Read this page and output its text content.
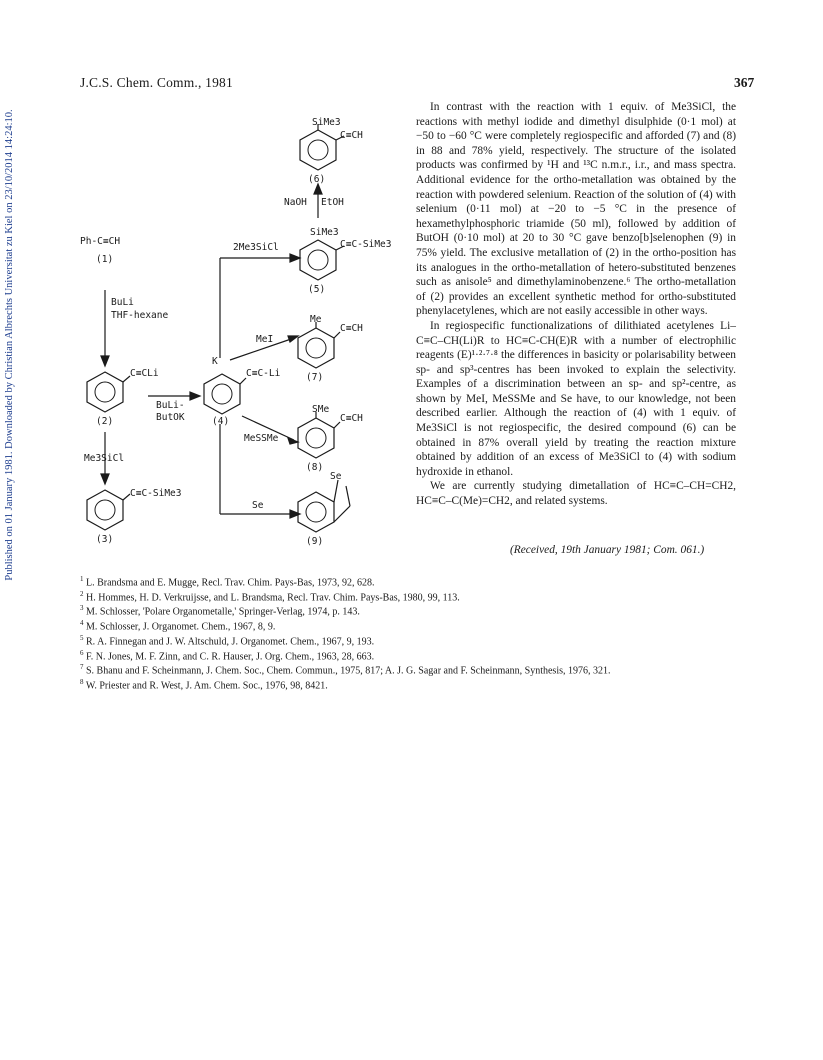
Published on 01 January 1981. Downloaded by Christian Albrechts Universitat zu Kiel on 23/10/2014 14:24:10.
J.C.S. Chem. Comm., 1981	367
SiMe3
C≡CH
(6)
NaOH EtOH
SiMe3
C≡C-SiMe3
(5)
2Me3SiCl
Ph-C≡CH
(1)
BuLi
THF-hexane	Me
C≡CH
(7)
MeI
C≡CLi
(2)
K
C≡C-Li
(4)
BuLi-
ButOK
SMe
C≡CH
(8)
MeSSMe
Me3SiCl
C≡C-SiMe3
(3)
Se
Se
(9)

In contrast with the reaction with 1 equiv. of Me3SiCl, the reactions with methyl iodide and dimethyl disulphide (0·1 mol) at −50 to −60 °C were completely regiospecific and afforded (7) and (8) in 88 and 78% yield, respectively. The structure of the isolated products was confirmed by ¹H and ¹³C n.m.r., i.r., and mass spectra. Additional evidence for the ortho-metallation was obtained by the reaction with powdered selenium. Reaction of the solution of (4) with selenium (0·11 mol) at −20 to −5 °C in the presence of hexamethylphosphoric triamide (50 ml), followed by addition of ButOH (0·10 mol) at 20 to 30 °C gave benzo[b]selenophen (9) in 75% yield. The exclusive metallation of (2) in the ortho-position has its analogues in the ortho-metallation of hetero-substituted benzenes such as anisole⁵ and dimethylaminobenzene.⁶ The ortho-metallation of (2) provides an excellent synthetic method for ortho-substituted phenylacetylenes, which are not easily accessible in other ways.

In regiospecific functionalizations of dilithiated acetylenes Li–C≡C–CH(Li)R to HC≡C-CH(E)R with a number of electrophilic reagents (E)¹·²·⁷·⁸ the differences in basicity or polarisability between sp- and sp³-centres has been invoked to explain the selectivity. Examples of a discrimination between an sp- and sp²-centre, as shown by MeI, MeSSMe and Se have, to our knowledge, not been described earlier. Although the reaction of (4) with 1 equiv. of Me3SiCl is not regiospecific, the desired compound (6) can be obtained in 87% overall yield by treating the reaction mixture obtained by addition of an excess of Me3SiCl to (4) with sodium hydroxide in ethanol.

We are currently studying dimetallation of HC≡C–CH=CH2, HC≡C–C(Me)=CH2, and related systems.

(Received, 19th January 1981; Com. 061.)
$^1$ L. Brandsma and E. Mugge, Recl. Trav. Chim. Pays-Bas, 1973, 92, 628.
$^2$ H. Hommes, H. D. Verkruijsse, and L. Brandsma, Recl. Trav. Chim. Pays-Bas, 1980, 99, 113.
$^3$ M. Schlosser, 'Polare Organometalle,' Springer-Verlag, 1974, p. 143.
$^4$ M. Schlosser, J. Organomet. Chem., 1967, 8, 9.
$^5$ R. A. Finnegan and J. W. Altschuld, J. Organomet. Chem., 1967, 9, 193.
$^6$ F. N. Jones, M. F. Zinn, and C. R. Hauser, J. Org. Chem., 1963, 28, 663.
$^7$ S. Bhanu and F. Scheinmann, J. Chem. Soc., Chem. Commun., 1975, 817; A. J. G. Sagar and F. Scheinmann, Synthesis, 1976, 321.
$^8$ W. Priester and R. West, J. Am. Chem. Soc., 1976, 98, 8421.
